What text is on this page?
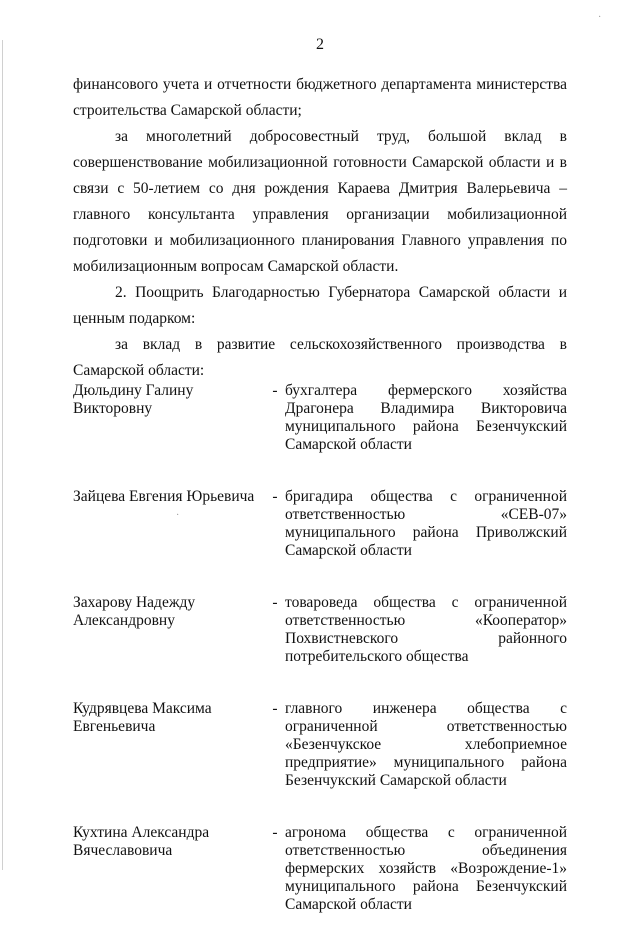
·
·
2

финансового учета и отчетности бюджетного департамента министерства строительства Самарской области;

за многолетний добросовестный труд, большой вклад в совершенствование мобилизационной готовности Самарской области и в связи с 50-летием со дня рождения Караева Дмитрия Валерьевича – главного консультанта управления организации мобилизационной подготовки и мобилизационного планирования Главного управления по мобилизационным вопросам Самарской области.

2. Поощрить Благодарностью Губернатора Самарской области и ценным подарком:

за вклад в развитие сельскохозяйственного производства в Самарской области:

Дюльдину Галину Викторовну
- бухгалтера фермерского хозяйства Драгонера Владимира Викторовича муниципального района Безенчукский Самарской области
Зайцева Евгения Юрьевича	- бригадира общества с ограниченной ответственностью «СЕВ-07» муниципального района Приволжский Самарской области
Захарову Надежду Александровну
- товароведа общества с ограниченной ответственностью «Кооператор» Похвистневского районного потребительского общества
Кудрявцева Максима Евгеньевича
- главного инженера общества с ограниченной ответственностью «Безенчукское хлебоприемное предприятие» муниципального района Безенчукский Самарской области
Кухтина Александра Вячеславовича
- агронома общества с ограниченной ответственностью объединения фермерских хозяйств «Возрождение-1» муниципального района Безенчукский Самарской области
